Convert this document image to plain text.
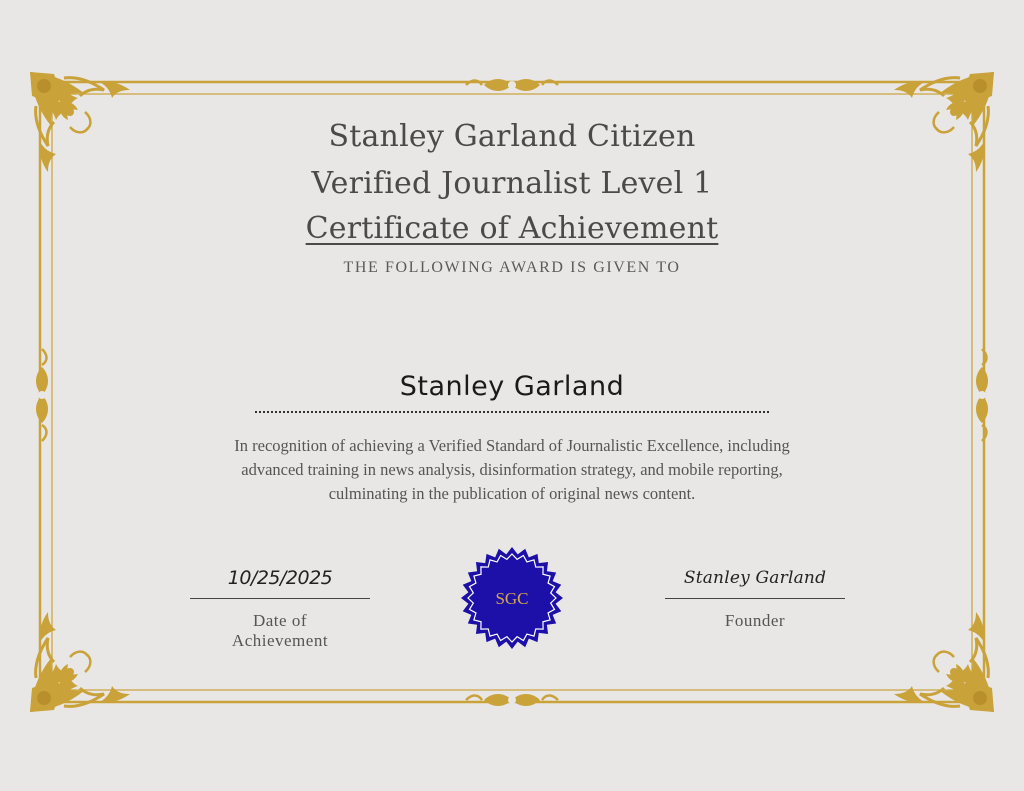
Stanley Garland Citizen
Verified Journalist Level 1
Certificate of Achievement
THE FOLLOWING AWARD IS GIVEN TO
Stanley Garland
In recognition of achieving a Verified Standard of Journalistic Excellence, including advanced training in news analysis, disinformation strategy, and mobile reporting, culminating in the publication of original news content.
10/25/2025
Date of
Achievement
SGC
Stanley Garland
Founder
